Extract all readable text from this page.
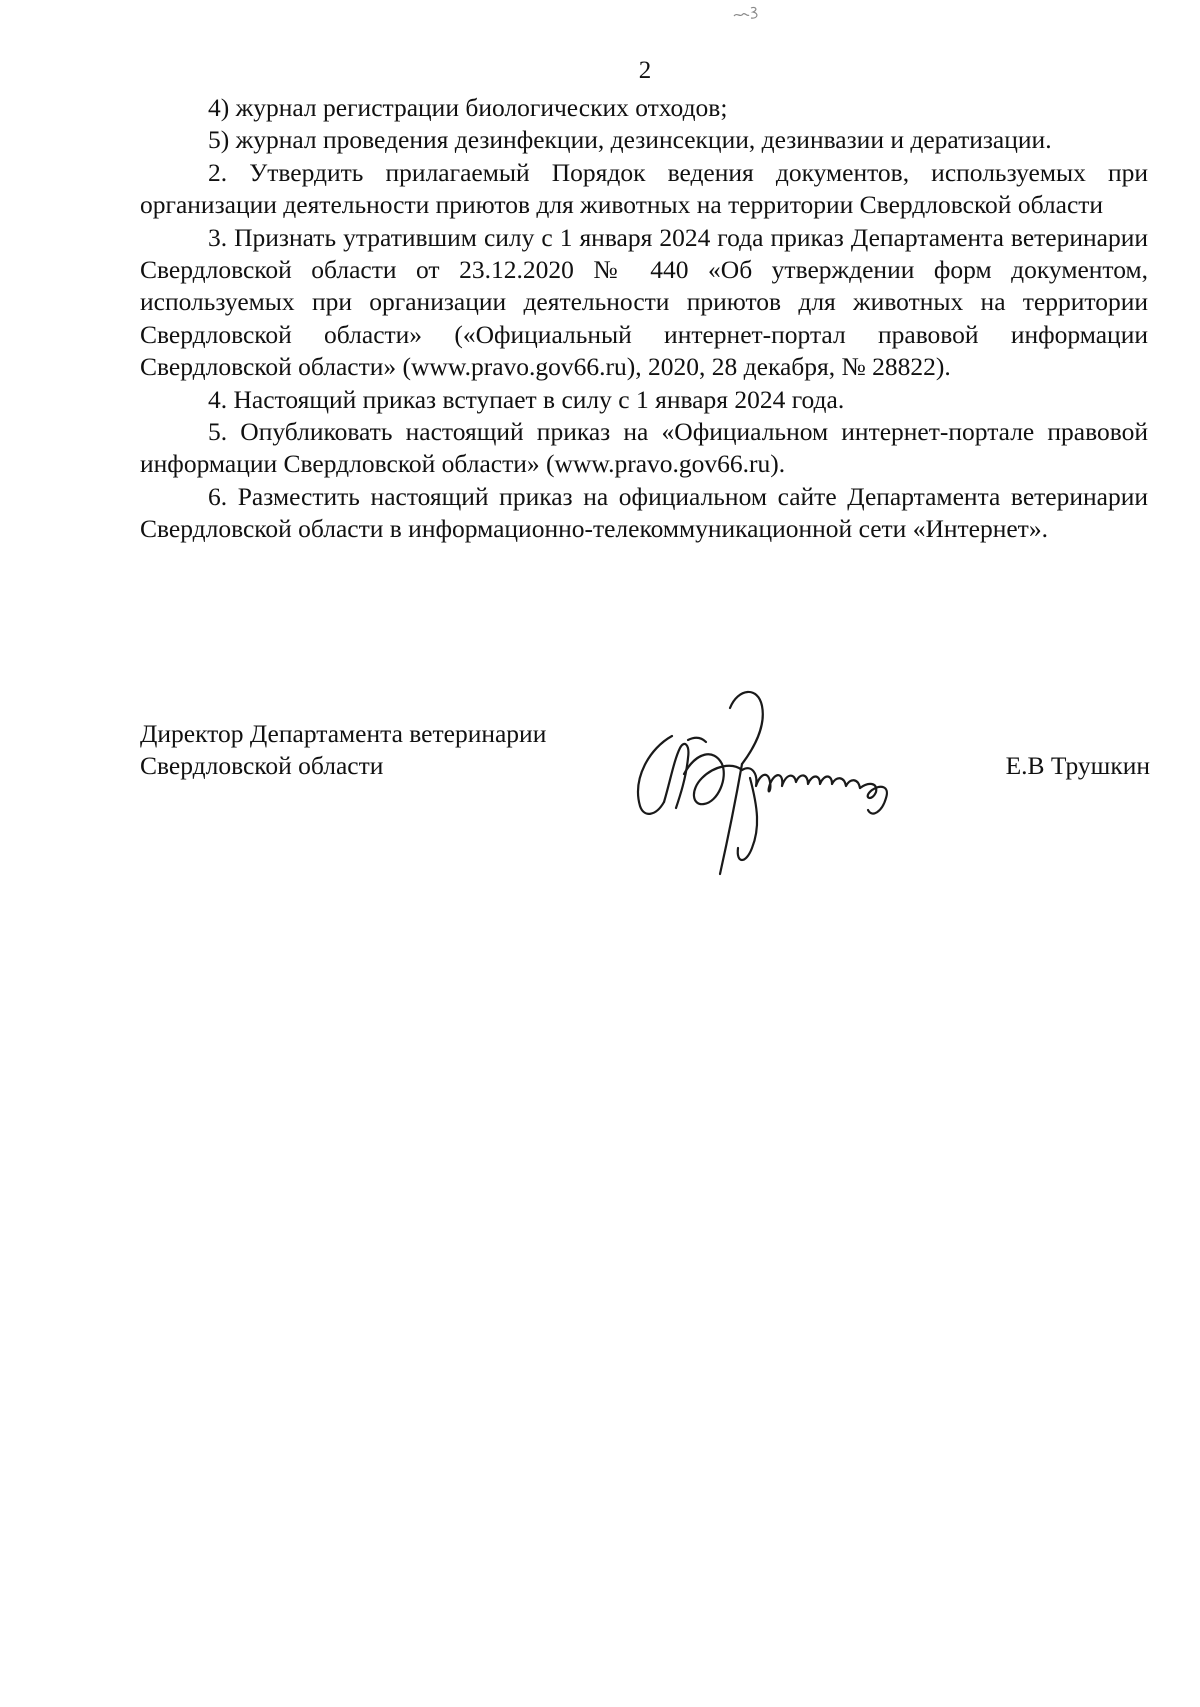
2

4) журнал регистрации биологических отходов;

5) журнал проведения дезинфекции, дезинсекции, дезинвазии и дератизации.

2. Утвердить прилагаемый Порядок ведения документов, используемых при организации деятельности приютов для животных на территории Свердловской области

3. Признать утратившим силу с 1 января 2024 года приказ Департамента ветеринарии Свердловской области от 23.12.2020 № 440 «Об утверждении форм документом, используемых при организации деятельности приютов для животных на территории Свердловской области» («Официальный интернет-портал правовой информации Свердловской области» (www.pravo.gov66.ru), 2020, 28 декабря, № 28822).

4. Настоящий приказ вступает в силу с 1 января 2024 года.

5. Опубликовать настоящий приказ на «Официальном интернет-портале правовой информации Свердловской области» (www.pravo.gov66.ru).

6. Разместить настоящий приказ на официальном сайте Департамента ветеринарии Свердловской области в информационно-телекоммуникационной сети «Интернет».

Директор Департамента ветеринарии
Свердловской области	Е.В Трушкин
